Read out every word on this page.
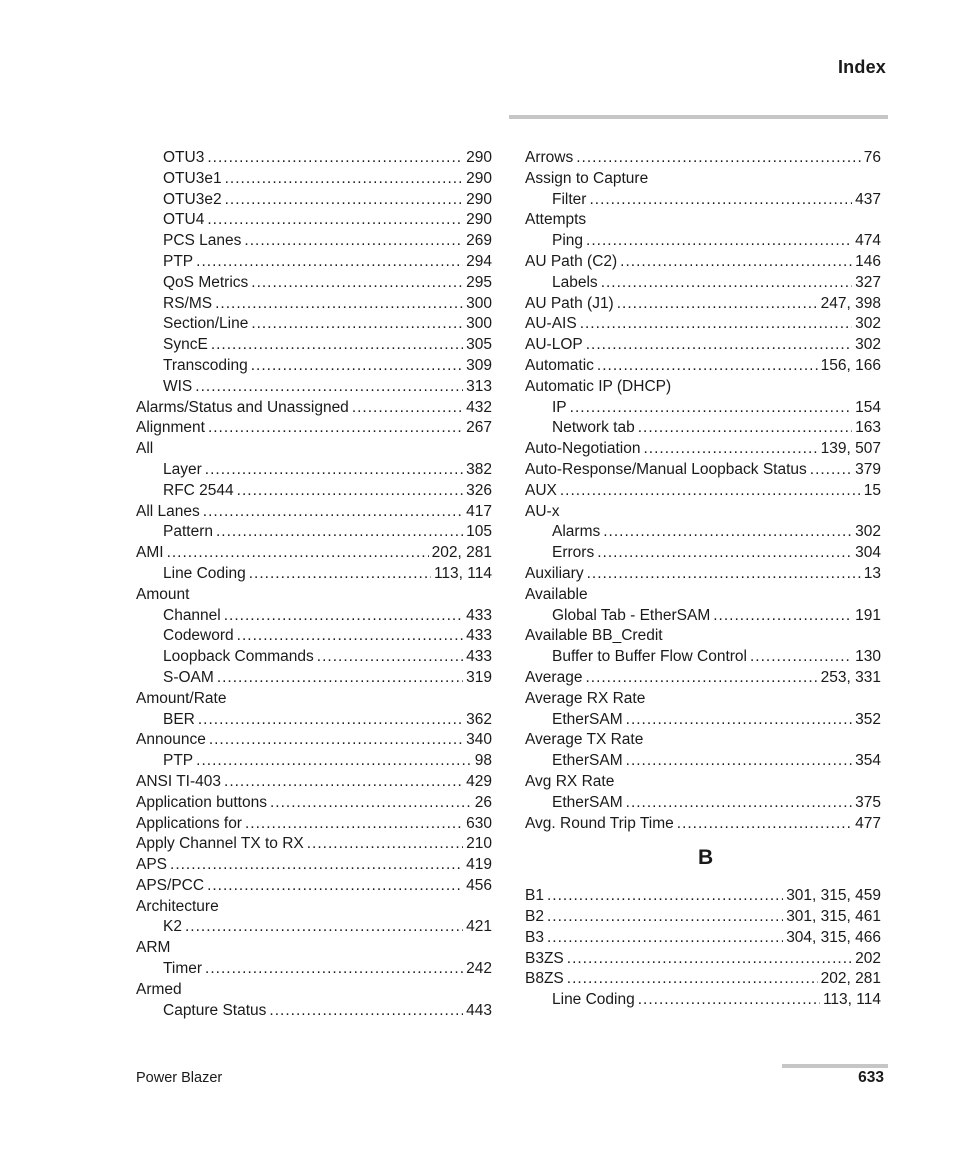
Index
OTU3 .....	290
OTU3e1 .....	290
OTU3e2 .....	290
OTU4 .....	290
PCS Lanes .....	269
PTP .....	294
QoS Metrics .....	295
RS/MS .....	300
Section/Line .....	300
SyncE .....	305
Transcoding .....	309
WIS .....	313
Alarms/Status and Unassigned .....	432
Alignment .....	267
All
Layer .....	382
RFC 2544 .....	326
All Lanes .....	417
Pattern .....	105
AMI .....	202, 281
Line Coding .....	113, 114
Amount
Channel .....	433
Codeword .....	433
Loopback Commands .....	433
S-OAM .....	319
Amount/Rate
BER .....	362
Announce .....	340
PTP .....	98
ANSI TI-403 .....	429
Application buttons .....	26
Applications for .....	630
Apply Channel TX to RX .....	210
APS .....	419
APS/PCC .....	456
Architecture
K2 .....	421
ARM
Timer .....	242
Armed
Capture Status .....	443
Arrows .....	76
Assign to Capture
Filter .....	437
Attempts
Ping .....	474
AU Path (C2) .....	146
Labels .....	327
AU Path (J1) .....	247, 398
AU-AIS .....	302
AU-LOP .....	302
Automatic .....	156, 166
Automatic IP (DHCP)
IP .....	154
Network tab .....	163
Auto-Negotiation .....	139, 507
Auto-Response/Manual Loopback Status .....	379
AUX .....	15
AU-x
Alarms .....	302
Errors .....	304
Auxiliary .....	13
Available
Global Tab - EtherSAM .....	191
Available BB_Credit
Buffer to Buffer Flow Control .....	130
Average .....	253, 331
Average RX Rate
EtherSAM .....	352
Average TX Rate
EtherSAM .....	354
Avg RX Rate
EtherSAM .....	375
Avg. Round Trip Time .....	477
B
B1 .....	301, 315, 459
B2 .....	301, 315, 461
B3 .....	304, 315, 466
B3ZS .....	202
B8ZS .....	202, 281
Line Coding .....	113, 114
Power Blazer	633
